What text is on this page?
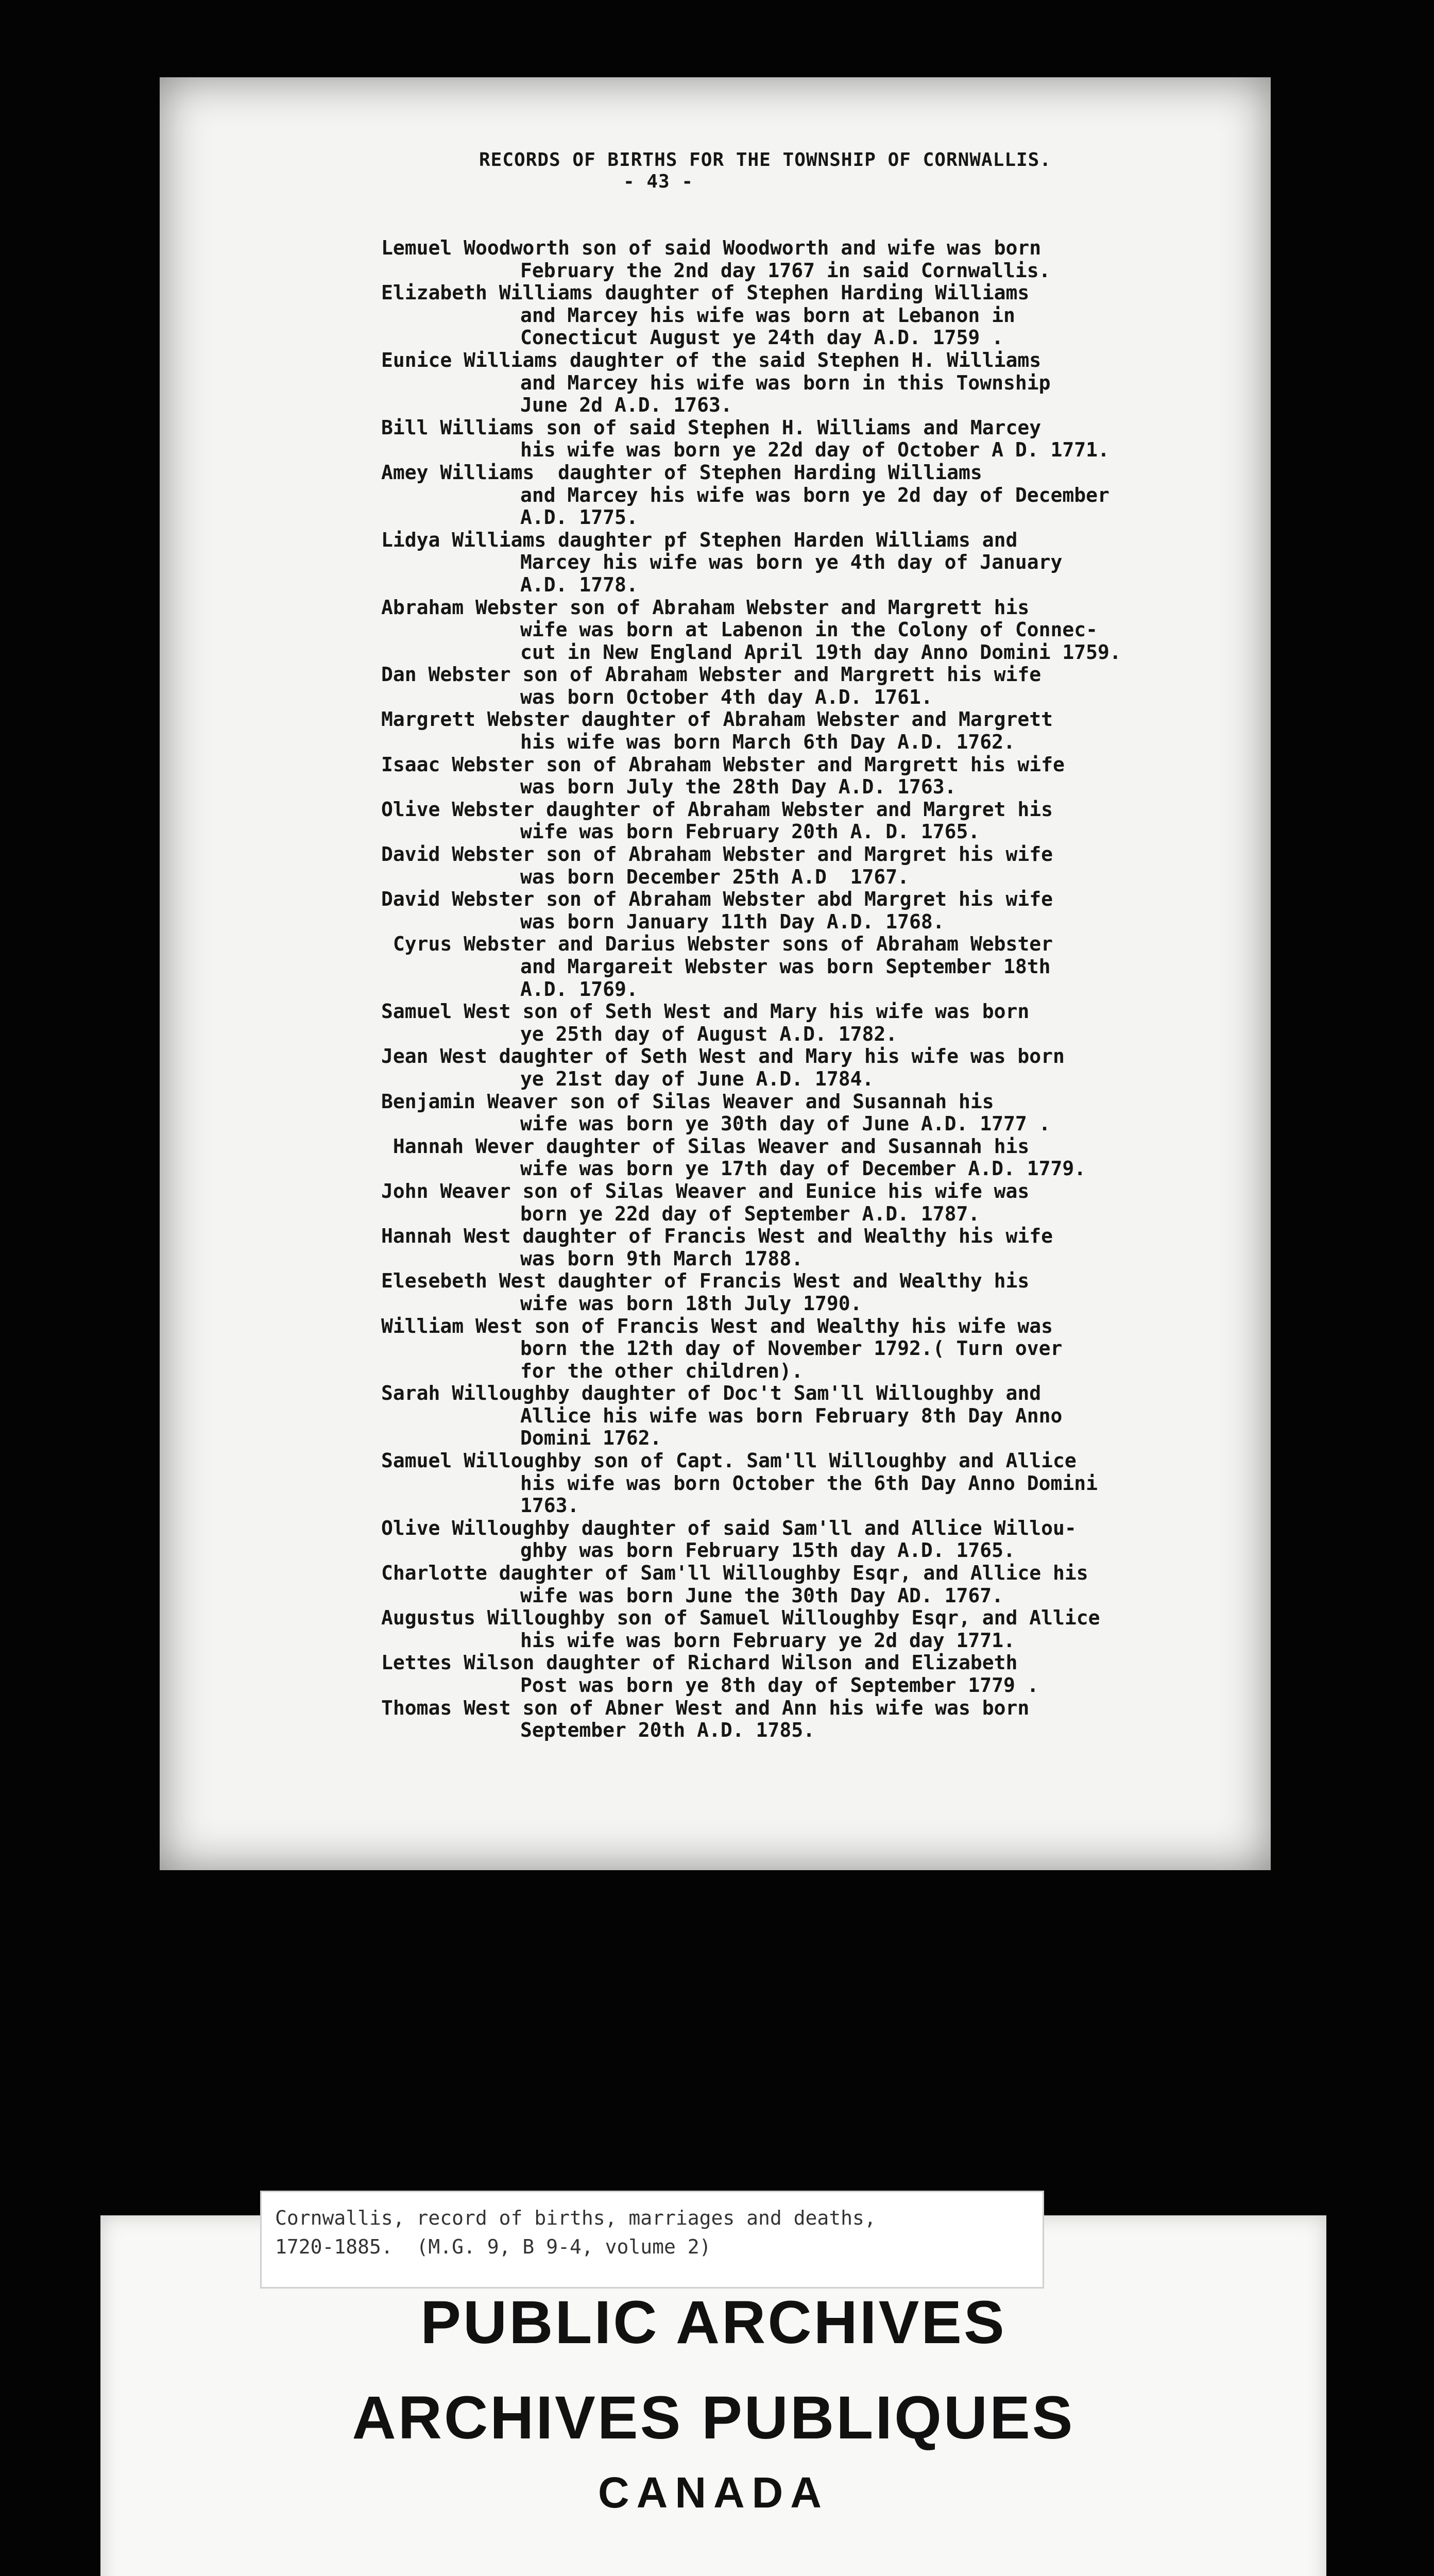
RECORDS OF BIRTHS FOR THE TOWNSHIP OF CORNWALLIS.
- 43 -
Lemuel Woodworth son of said Woodworth and wife was born
February the 2nd day 1767 in said Cornwallis.
Elizabeth Williams daughter of Stephen Harding Williams
and Marcey his wife was born at Lebanon in
Conecticut August ye 24th day A.D. 1759 .
Eunice Williams daughter of the said Stephen H. Williams
and Marcey his wife was born in this Township
June 2d A.D. 1763.
Bill Williams son of said Stephen H. Williams and Marcey
his wife was born ye 22d day of October A D. 1771.
Amey Williams  daughter of Stephen Harding Williams
and Marcey his wife was born ye 2d day of December
A.D. 1775.
Lidya Williams daughter pf Stephen Harden Williams and
Marcey his wife was born ye 4th day of January
A.D. 1778.
Abraham Webster son of Abraham Webster and Margrett his
wife was born at Labenon in the Colony of Connec-
cut in New England April 19th day Anno Domini 1759.
Dan Webster son of Abraham Webster and Margrett his wife
was born October 4th day A.D. 1761.
Margrett Webster daughter of Abraham Webster and Margrett
his wife was born March 6th Day A.D. 1762.
Isaac Webster son of Abraham Webster and Margrett his wife
was born July the 28th Day A.D. 1763.
Olive Webster daughter of Abraham Webster and Margret his
wife was born February 20th A. D. 1765.
David Webster son of Abraham Webster and Margret his wife
was born December 25th A.D  1767.
David Webster son of Abraham Webster abd Margret his wife
was born January 11th Day A.D. 1768.
Cyrus Webster and Darius Webster sons of Abraham Webster
and Margareit Webster was born September 18th
A.D. 1769.
Samuel West son of Seth West and Mary his wife was born
ye 25th day of August A.D. 1782.
Jean West daughter of Seth West and Mary his wife was born
ye 21st day of June A.D. 1784.
Benjamin Weaver son of Silas Weaver and Susannah his
wife was born ye 30th day of June A.D. 1777 .
Hannah Wever daughter of Silas Weaver and Susannah his
wife was born ye 17th day of December A.D. 1779.
John Weaver son of Silas Weaver and Eunice his wife was
born ye 22d day of September A.D. 1787.
Hannah West daughter of Francis West and Wealthy his wife
was born 9th March 1788.
Elesebeth West daughter of Francis West and Wealthy his
wife was born 18th July 1790.
William West son of Francis West and Wealthy his wife was
born the 12th day of November 1792.( Turn over
for the other children).
Sarah Willoughby daughter of Doc't Sam'll Willoughby and
Allice his wife was born February 8th Day Anno
Domini 1762.
Samuel Willoughby son of Capt. Sam'll Willoughby and Allice
his wife was born October the 6th Day Anno Domini
1763.
Olive Willoughby daughter of said Sam'll and Allice Willou-
ghby was born February 15th day A.D. 1765.
Charlotte daughter of Sam'll Willoughby Esqr, and Allice his
wife was born June the 30th Day AD. 1767.
Augustus Willoughby son of Samuel Willoughby Esqr, and Allice
his wife was born February ye 2d day 1771.
Lettes Wilson daughter of Richard Wilson and Elizabeth
Post was born ye 8th day of September 1779 .
Thomas West son of Abner West and Ann his wife was born
September 20th A.D. 1785.
Cornwallis, record of births, marriages and deaths,
1720-1885.  (M.G. 9, B 9-4, volume 2)
PUBLIC ARCHIVES
ARCHIVES PUBLIQUES
CANADA
